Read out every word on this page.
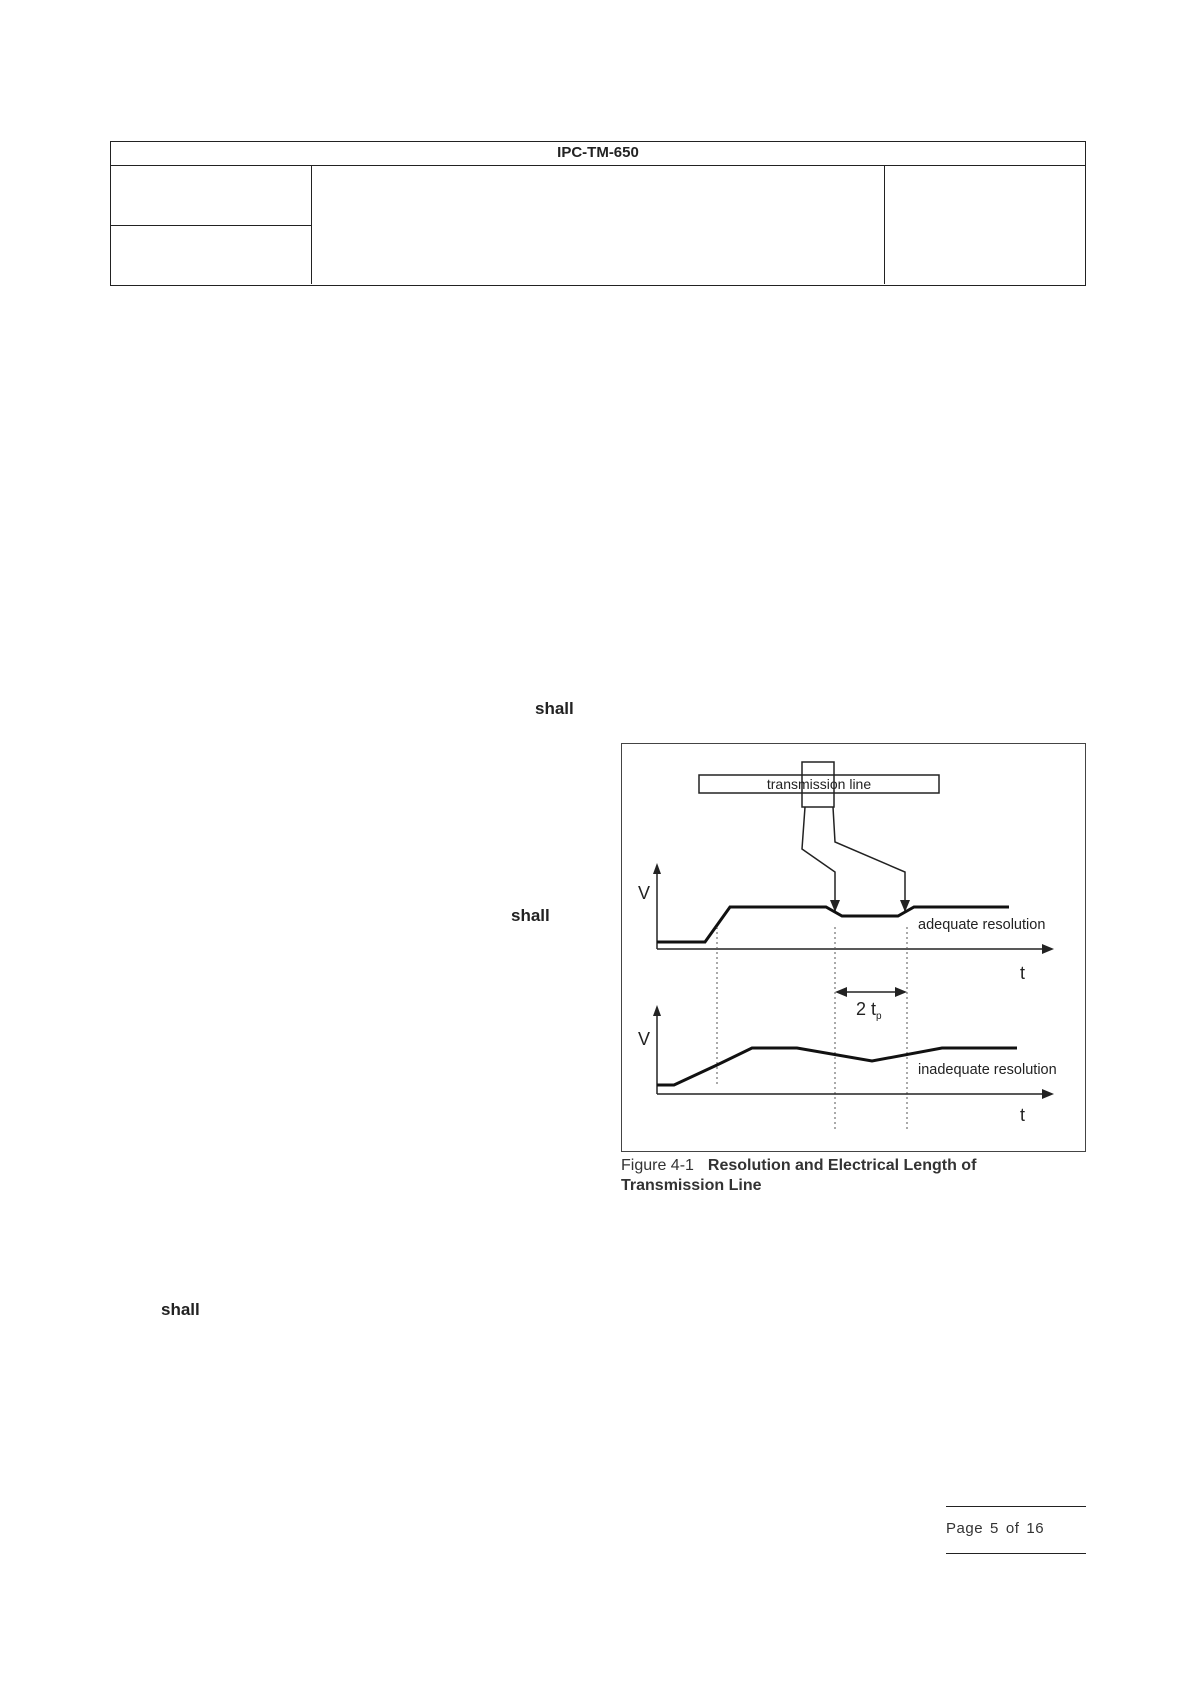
IPC-TM-650
shall
shall
shall
transmission line
V
t
adequate resolution
2 $t_p$
V
t
inadequate resolution
Figure 4-1 Resolution and Electrical Length of Transmission Line
Page 5 of 16
